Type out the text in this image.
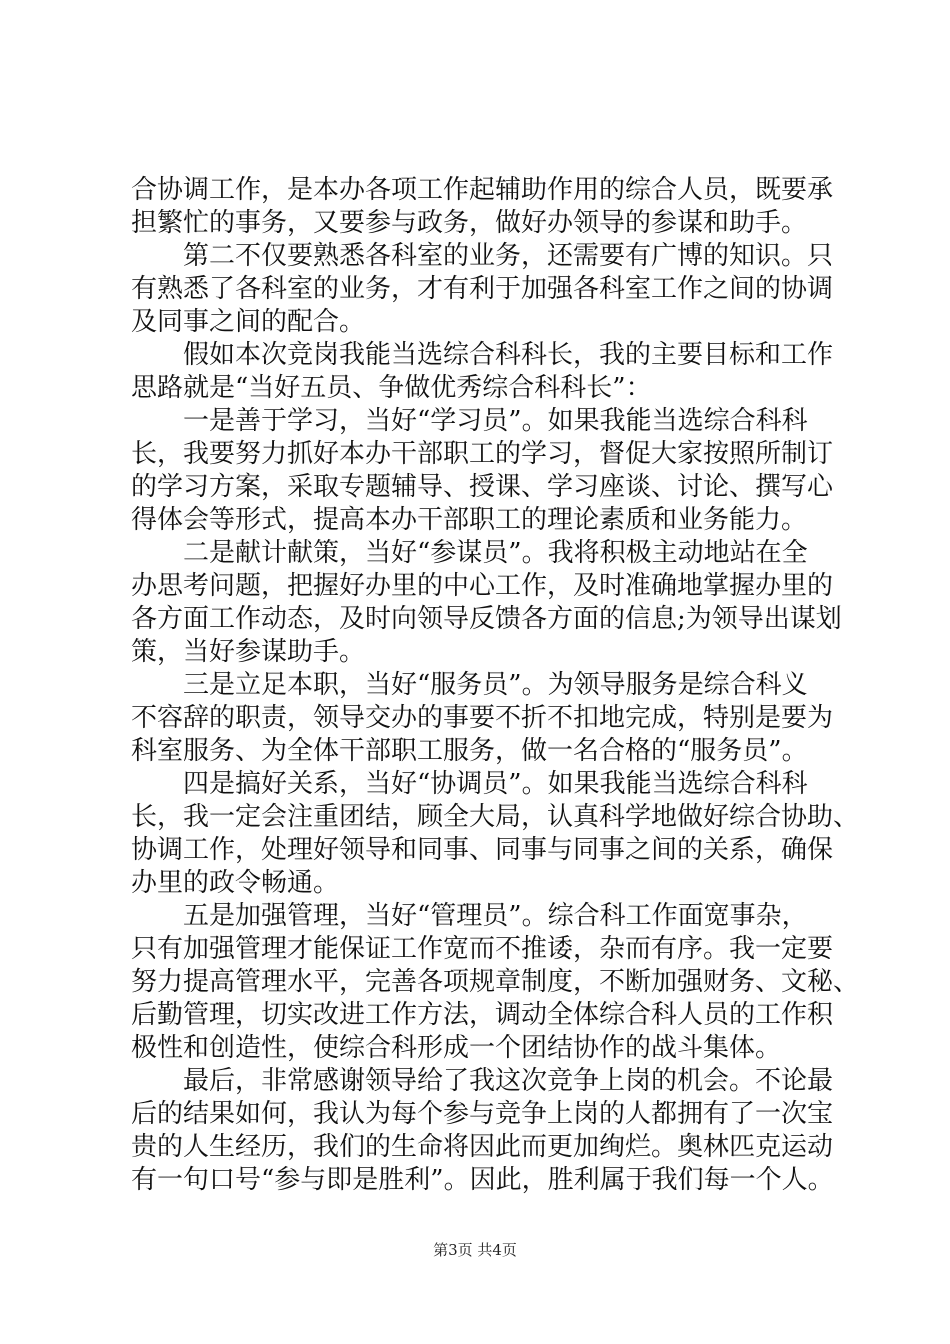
合协调工作，是本办各项工作起辅助作用的综合人员，既要承
担繁忙的事务，又要参与政务，做好办领导的参谋和助手。
　　第二不仅要熟悉各科室的业务，还需要有广博的知识。只
有熟悉了各科室的业务，才有利于加强各科室工作之间的协调
及同事之间的配合。
　　假如本次竞岗我能当选综合科科长，我的主要目标和工作
思路就是“当好五员、争做优秀综合科科长”：
　　一是善于学习，当好“学习员”。如果我能当选综合科科
长，我要努力抓好本办干部职工的学习，督促大家按照所制订
的学习方案，采取专题辅导、授课、学习座谈、讨论、撰写心
得体会等形式，提高本办干部职工的理论素质和业务能力。
　　二是献计献策，当好“参谋员”。我将积极主动地站在全
办思考问题，把握好办里的中心工作，及时准确地掌握办里的
各方面工作动态，及时向领导反馈各方面的信息;为领导出谋划
策，当好参谋助手。
　　三是立足本职，当好“服务员”。为领导服务是综合科义
不容辞的职责，领导交办的事要不折不扣地完成，特别是要为
科室服务、为全体干部职工服务，做一名合格的“服务员”。
　　四是搞好关系，当好“协调员”。如果我能当选综合科科
长，我一定会注重团结，顾全大局，认真科学地做好综合协助、
协调工作，处理好领导和同事、同事与同事之间的关系，确保
办里的政令畅通。
　　五是加强管理，当好“管理员”。综合科工作面宽事杂，
只有加强管理才能保证工作宽而不推诿，杂而有序。我一定要
努力提高管理水平，完善各项规章制度，不断加强财务、文秘、
后勤管理，切实改进工作方法，调动全体综合科人员的工作积
极性和创造性，使综合科形成一个团结协作的战斗集体。
　　最后，非常感谢领导给了我这次竞争上岗的机会。不论最
后的结果如何，我认为每个参与竞争上岗的人都拥有了一次宝
贵的人生经历，我们的生命将因此而更加绚烂。奥林匹克运动
有一句口号“参与即是胜利”。因此，胜利属于我们每一个人。
第3页 共4页
